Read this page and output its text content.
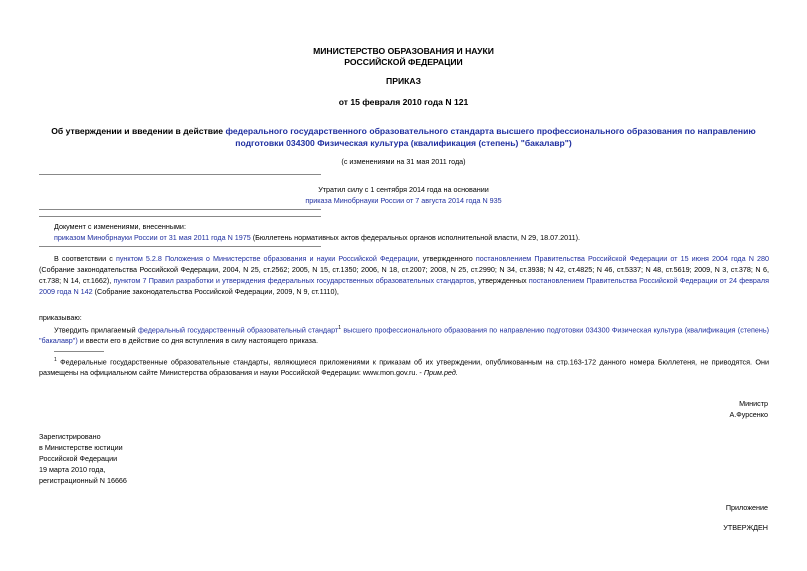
МИНИСТЕРСТВО ОБРАЗОВАНИЯ И НАУКИ
РОССИЙСКОЙ ФЕДЕРАЦИИ
ПРИКАЗ
от 15 февраля 2010 года N 121
Об утверждении и введении в действие федерального государственного образовательного стандарта высшего профессионального образования по направлению подготовки 034300 Физическая культура (квалификация (степень) "бакалавр")
(с изменениями на 31 мая 2011 года)
Утратил силу с 1 сентября 2014 года на основании
приказа Минобрнауки России от 7 августа 2014 года N 935
Документ с изменениями, внесенными:
приказом Минобрнауки России от 31 мая 2011 года N 1975 (Бюллетень нормативных актов федеральных органов исполнительной власти, N 29, 18.07.2011).
В соответствии с пунктом 5.2.8 Положения о Министерстве образования и науки Российской Федерации, утвержденного постановлением Правительства Российской Федерации от 15 июня 2004 года N 280 (Собрание законодательства Российской Федерации, 2004, N 25, ст.2562; 2005, N 15, ст.1350; 2006, N 18, ст.2007; 2008, N 25, ст.2990; N 34, ст.3938; N 42, ст.4825; N 46, ст.5337; N 48, ст.5619; 2009, N 3, ст.378; N 6, ст.738; N 14, ст.1662), пунктом 7 Правил разработки и утверждения федеральных государственных образовательных стандартов, утвержденных постановлением Правительства Российской Федерации от 24 февраля 2009 года N 142 (Собрание законодательства Российской Федерации, 2009, N 9, ст.1110),
приказываю:
Утвердить прилагаемый федеральный государственный образовательный стандарт$^1$ высшего профессионального образования по направлению подготовки 034300 Физическая культура (квалификация (степень) "бакалавр") и ввести его в действие со дня вступления в силу настоящего приказа.
$^1$ Федеральные государственные образовательные стандарты, являющиеся приложениями к приказам об их утверждении, опубликованным на стр.163-172 данного номера Бюллетеня, не приводятся. Они размещены на официальном сайте Министерства образования и науки Российской Федерации: www.mon.gov.ru. - Прим.ред.
Министр
А.Фурсенко
Зарегистрировано
в Министерстве юстиции
Российской Федерации
19 марта 2010 года,
регистрационный N 16666
Приложение
УТВЕРЖДЕН
